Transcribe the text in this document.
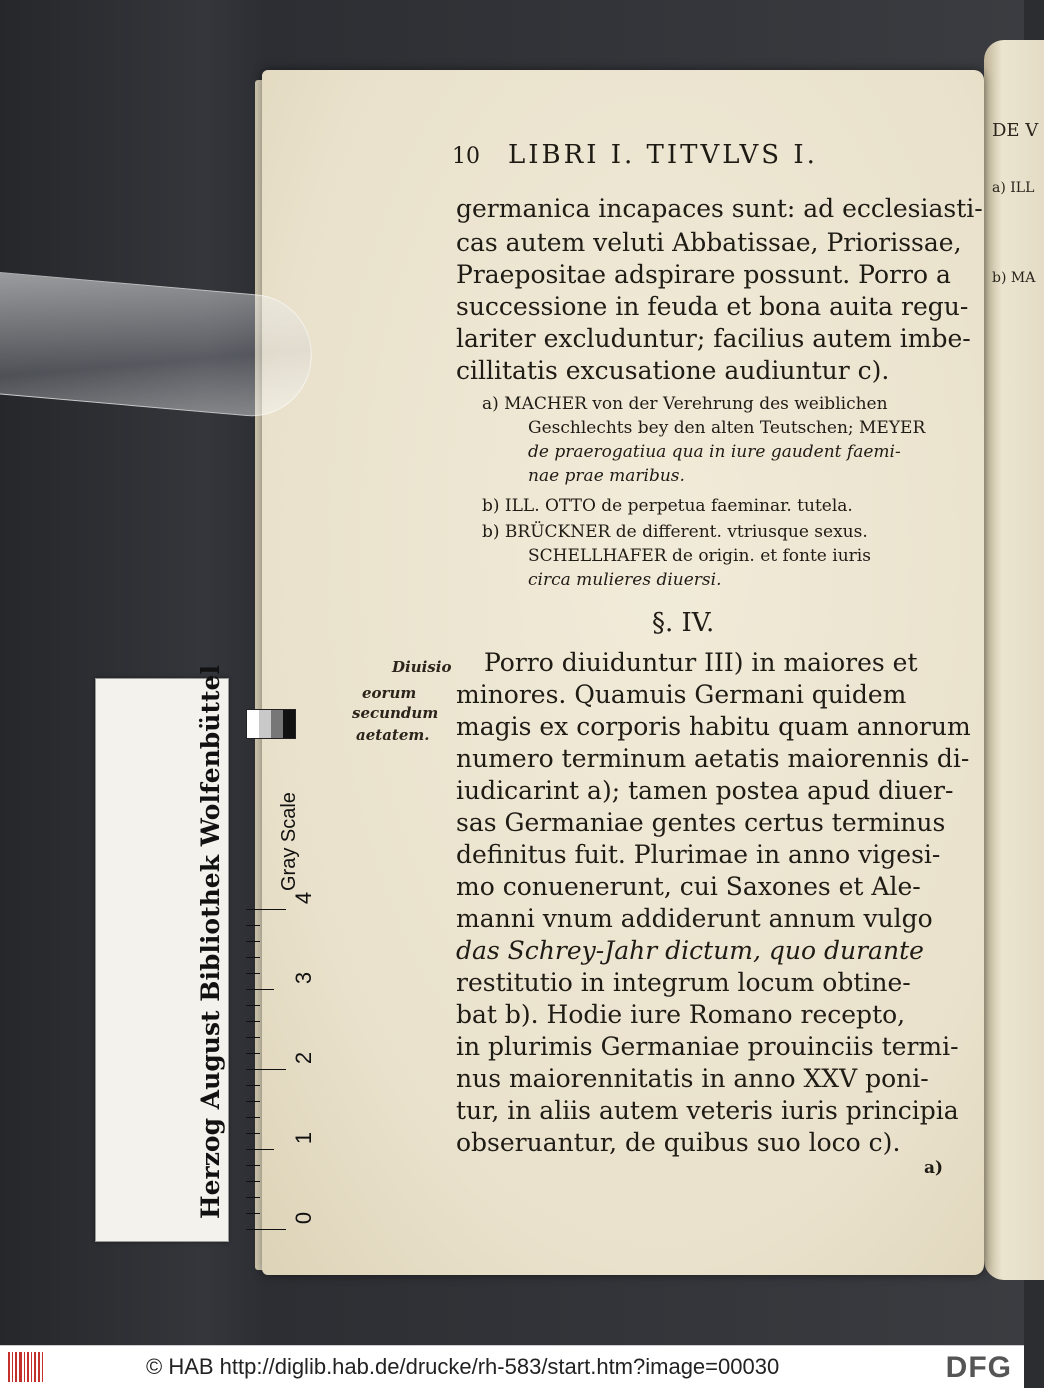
DE V
a) ILL
b) MA
10 LIBRI I. TITVLVS I.
germanica incapaces sunt: ad ecclesiasti-
cas autem veluti Abbatissae, Priorissae,
Praepositae adspirare possunt. Porro a
successione in feuda et bona auita regu-
lariter excluduntur; facilius autem imbe-
cillitatis excusatione audiuntur c).
a) MACHER von der Verehrung des weiblichen
Geschlechts bey den alten Teutschen; MEYER
de praerogatiua qua in iure gaudent faemi-
nae prae maribus.
b) ILL. OTTO de perpetua faeminar. tutela.
b) BRÜCKNER de different. vtriusque sexus.
SCHELLHAFER de origin. et fonte iuris
circa mulieres diuersi.
§. IV.
Diuisio
eorum
secundum
aetatem.
Porro diuiduntur III) in maiores et
minores. Quamuis Germani quidem
magis ex corporis habitu quam annorum
numero terminum aetatis maiorennis di-
iudicarint a); tamen postea apud diuer-
sas Germaniae gentes certus terminus
definitus fuit. Plurimae in anno vigesi-
mo conuenerunt, cui Saxones et Ale-
manni vnum addiderunt annum vulgo
das Schrey-Jahr dictum, quo durante
restitutio in integrum locum obtine-
bat b). Hodie iure Romano recepto,
in plurimis Germaniae prouinciis termi-
nus maiorennitatis in anno XXV poni-
tur, in aliis autem veteris iuris principia
obseruantur, de quibus suo loco c).
a)
Herzog August Bibliothek Wolfenbüttel	Gray Scale
0
1
2
3
4
© HAB http://diglib.hab.de/drucke/rh-583/start.htm?image=00030	DFG
